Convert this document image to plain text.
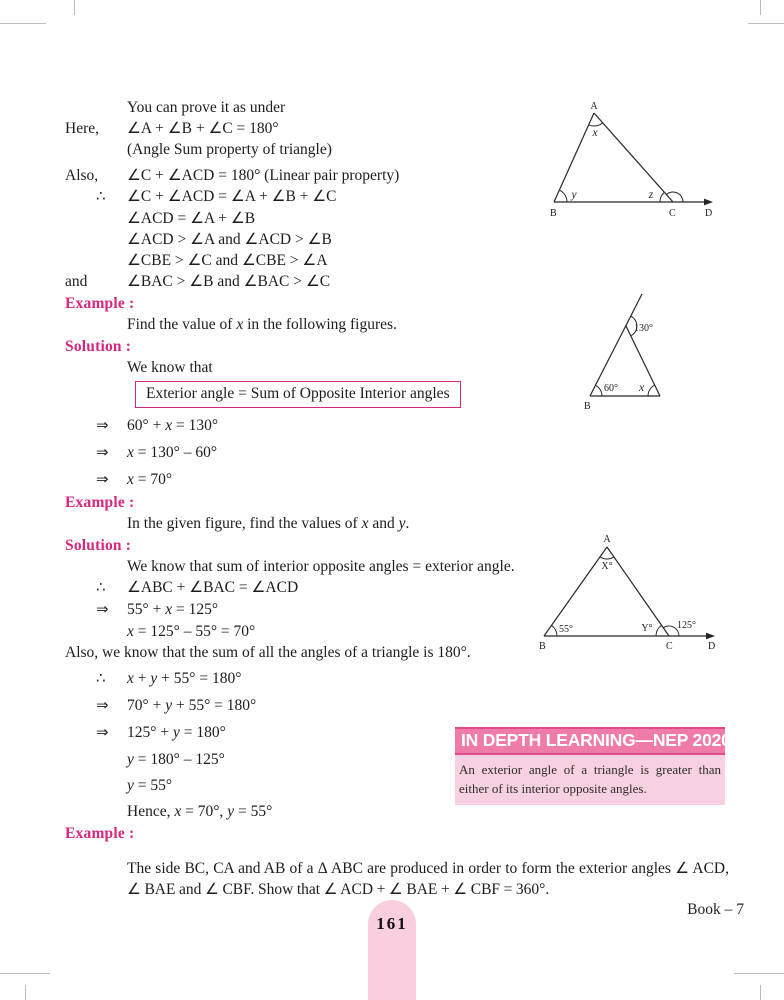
You can prove it as under
Here,	∠A + ∠B + ∠C = 180°
(Angle Sum property of triangle)
Also,	∠C + ∠ACD = 180° (Linear pair property)
∴	∠C + ∠ACD = ∠A + ∠B + ∠C
∠ACD = ∠A + ∠B
∠ACD > ∠A and ∠ACD > ∠B
∠CBE > ∠C and ∠CBE > ∠A
and	∠BAC > ∠B and ∠BAC > ∠C
Example :
Find the value of x in the following figures.
Solution :
We know that
Exterior angle = Sum of Opposite Interior angles
⇒	60° + x = 130°
⇒	x = 130° – 60°
⇒	x = 70°
Example :
In the given figure, find the values of x and y.
Solution :
We know that sum of interior opposite angles = exterior angle.
∴	∠ABC + ∠BAC = ∠ACD
⇒	55° + x = 125°
x = 125° – 55° = 70°
Also, we know that the sum of all the angles of a triangle is 180°.
∴	x + y + 55° = 180°
⇒	70° + y + 55° = 180°
⇒	125° + y = 180°
y = 180° – 125°
y = 55°
Hence, x = 70°, y = 55°
Example :
The side BC, CA and AB of a Δ ABC are produced in order to form the exterior angles ∠ ACD,
∠ BAE and ∠ CBF. Show that ∠ ACD + ∠ BAE + ∠ CBF = 360°.
A
x
y	z
B	C	D
130°
60° x
B
A
X°
55°	Y° 125°
B	C	D
IN DEPTH LEARNING—NEP 2020
An exterior angle of a triangle is greater than
either of its interior opposite angles.
161
Book – 7
